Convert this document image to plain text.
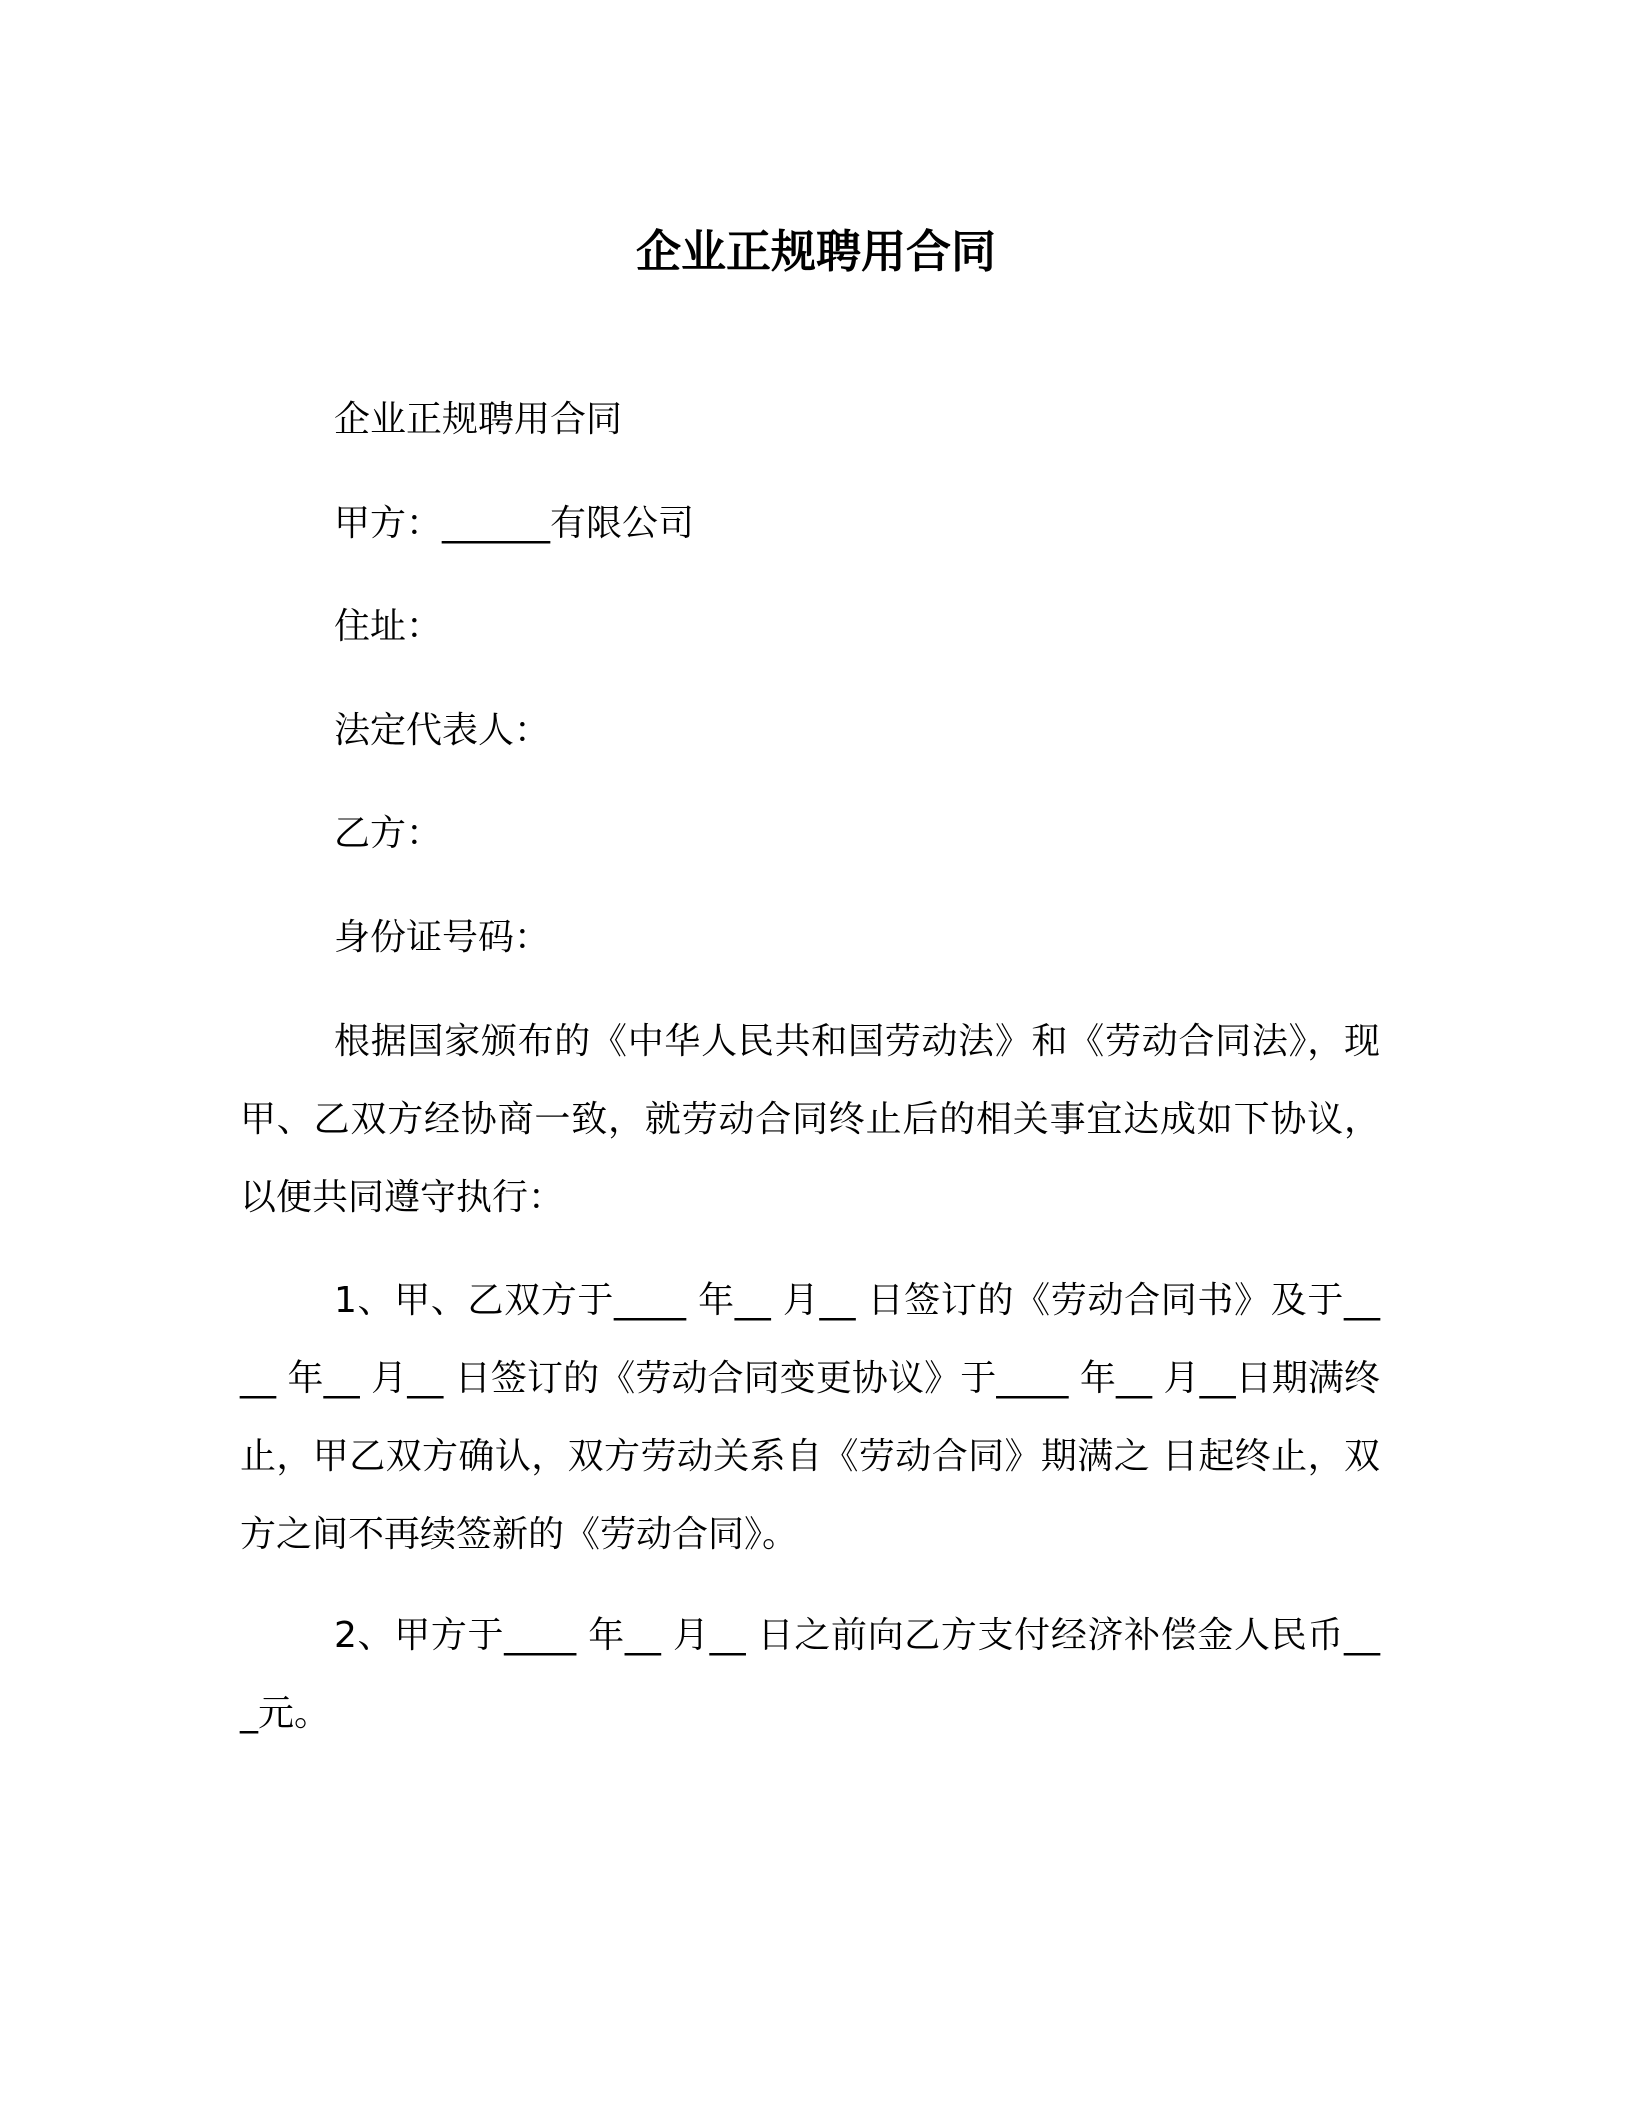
企业正规聘用合同
企业正规聘用合同
甲方：______有限公司
住址：
法定代表人：
乙方：
身份证号码：
根据国家颁布的《中华人民共和国劳动法》和《劳动合同法》，现甲、乙双方经协商一致，就劳动合同终止后的相关事宜达成如下协议，以便共同遵守执行：
1、甲、乙双方于____ 年__ 月__ 日签订的《劳动合同书》及于____ 年__ 月__ 日签订的《劳动合同变更协议》于____ 年__ 月__日期满终止，甲乙双方确认，双方劳动关系自《劳动合同》期满之 日起终止，双方之间不再续签新的《劳动合同》。
2、甲方于____ 年__ 月__ 日之前向乙方支付经济补偿金人民币___元。
